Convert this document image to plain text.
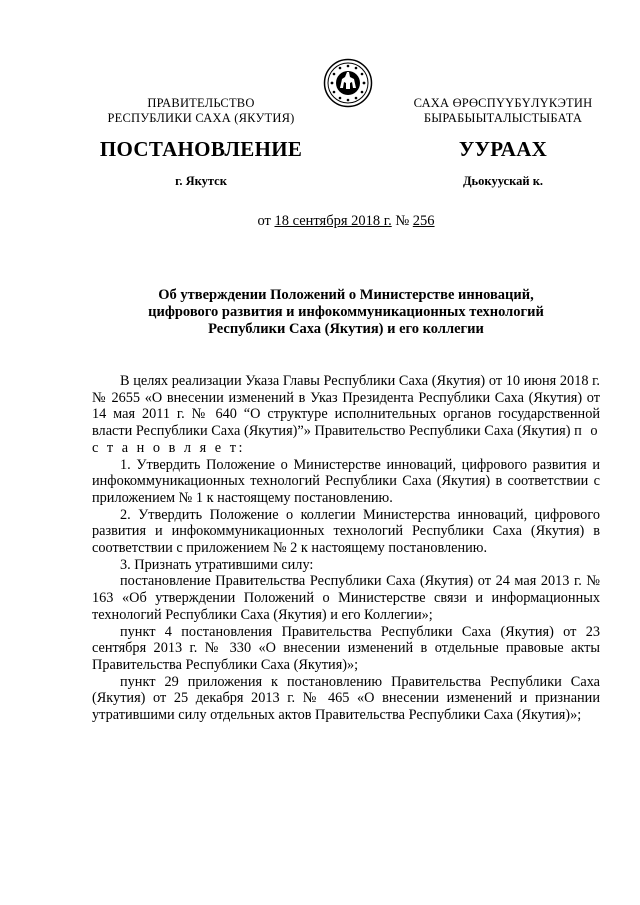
ПРАВИТЕЛЬСТВО
РЕСПУБЛИКИ САХА (ЯКУТИЯ)
САХА ӨРӨСПҮҮБҮЛҮКЭТИН
БЫРАБЫЫТАЛЫСТЫБАТА
ПОСТАНОВЛЕНИЕ	УУРААХ
г. Якутск	Дьокуускай к.
от 18 сентября 2018 г. № 256
Об утверждении Положений о Министерстве инноваций,
цифрового развития и инфокоммуникационных технологий
Республики Саха (Якутия) и его коллегии

В целях реализации Указа Главы Республики Саха (Якутия) от 10 июня 2018 г. № 2655 «О внесении изменений в Указ Президента Республики Саха (Якутия) от 14 мая 2011 г. № 640 “О структуре исполнительных органов государственной власти Республики Саха (Якутия)”» Правительство Республики Саха (Якутия) п о с т а н о в л я е т:

1. Утвердить Положение о Министерстве инноваций, цифрового развития и инфокоммуникационных технологий Республики Саха (Якутия) в соответствии с приложением № 1 к настоящему постановлению.

2. Утвердить Положение о коллегии Министерства инноваций, цифрового развития и инфокоммуникационных технологий Республики Саха (Якутия) в соответствии с приложением № 2 к настоящему постановлению.

3. Признать утратившими силу:

постановление Правительства Республики Саха (Якутия) от 24 мая 2013 г. № 163 «Об утверждении Положений о Министерстве связи и информационных технологий Республики Саха (Якутия) и его Коллегии»;

пункт 4 постановления Правительства Республики Саха (Якутия) от 23 сентября 2013 г. № 330 «О внесении изменений в отдельные правовые акты Правительства Республики Саха (Якутия)»;

пункт 29 приложения к постановлению Правительства Республики Саха (Якутия) от 25 декабря 2013 г. № 465 «О внесении изменений и признании утратившими силу отдельных актов Правительства Республики Саха (Якутия)»;
